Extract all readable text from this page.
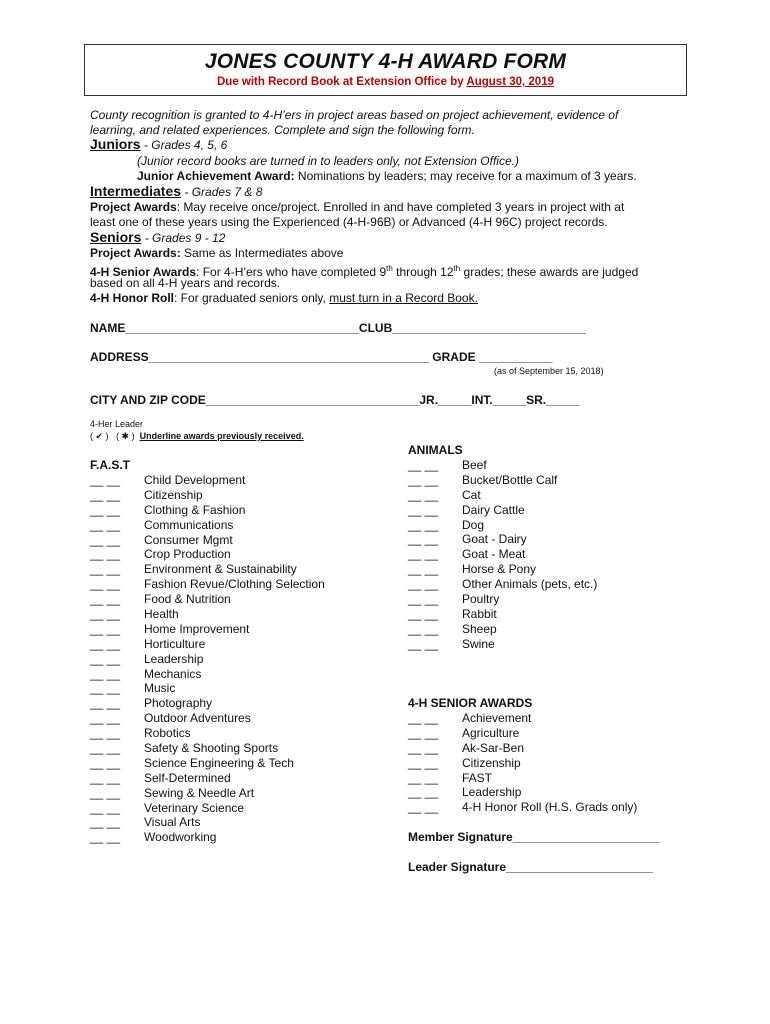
JONES COUNTY 4-H AWARD FORM
Due with Record Book at Extension Office by August 30, 2019
County recognition is granted to 4-H’ers in project areas based on project achievement, evidence of
learning, and related experiences. Complete and sign the following form.
Juniors - Grades 4, 5, 6
(Junior record books are turned in to leaders only, not Extension Office.)
Junior Achievement Award: Nominations by leaders; may receive for a maximum of 3 years.
Intermediates - Grades 7 & 8
Project Awards: May receive once/project. Enrolled in and have completed 3 years in project with at
least one of these years using the Experienced (4-H-96B) or Advanced (4-H 96C) project records.
Seniors - Grades 9 - 12
Project Awards: Same as Intermediates above
4-H Senior Awards: For 4-H’ers who have completed 9th through 12th grades; these awards are judged
based on all 4-H years and records.
4-H Honor Roll: For graduated seniors only, must turn in a Record Book.
NAME___________________________________CLUB_____________________________
ADDRESS__________________________________________ GRADE ___________
(as of September 15, 2018)
CITY AND ZIP CODE________________________________JR._____INT._____SR._____
4-Her Leader
( ✔ ) ( ✱ ) Underline awards previously received.
F.A.S.T
__ __ Child Development
__ __ Citizenship
__ __ Clothing & Fashion
__ __ Communications
__ __ Consumer Mgmt
__ __ Crop Production
__ __ Environment & Sustainability
__ __ Fashion Revue/Clothing Selection
__ __ Food & Nutrition
__ __ Health
__ __ Home Improvement
__ __ Horticulture
__ __ Leadership
__ __ Mechanics
__ __ Music
__ __ Photography
__ __ Outdoor Adventures
__ __ Robotics
__ __ Safety & Shooting Sports
__ __ Science Engineering & Tech
__ __ Self-Determined
__ __ Sewing & Needle Art
__ __ Veterinary Science
__ __ Visual Arts
__ __ Woodworking
ANIMALS
__ __ Beef
__ __ Bucket/Bottle Calf
__ __ Cat
__ __ Dairy Cattle
__ __ Dog
__ __ Goat - Dairy
__ __ Goat - Meat
__ __ Horse & Pony
__ __ Other Animals (pets, etc.)
__ __ Poultry
__ __ Rabbit
__ __ Sheep
__ __ Swine
4-H SENIOR AWARDS
__ __ Achievement
__ __ Agriculture
__ __ Ak-Sar-Ben
__ __ Citizenship
__ __ FAST
__ __ Leadership
__ __ 4-H Honor Roll (H.S. Grads only)
Member Signature______________________
Leader Signature______________________
